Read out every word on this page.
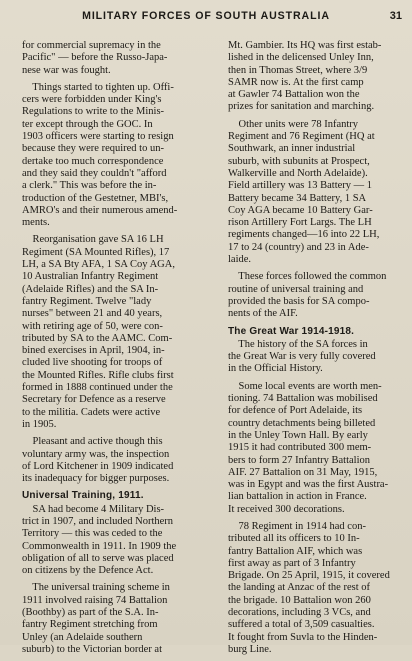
MILITARY FORCES OF SOUTH AUSTRALIA	31
for commercial supremacy in the
Pacific" — before the Russo-Japa-
nese war was fought.
Things started to tighten up. Offi-
cers were forbidden under King's
Regulations to write to the Minis-
ter except through the GOC. In
1903 officers were starting to resign
because they were required to un-
dertake too much correspondence
and they said they couldn't "afford
a clerk." This was before the in-
troduction of the Gestetner, MBI's,
AMRO's and their numerous amend-
ments.
Reorganisation gave SA 16 LH
Regiment (SA Mounted Rifles), 17
LH, a SA Bty AFA, 1 SA Coy AGA,
10 Australian Infantry Regiment
(Adelaide Rifles) and the SA In-
fantry Regiment. Twelve "lady
nurses" between 21 and 40 years,
with retiring age of 50, were con-
tributed by SA to the AAMC. Com-
bined exercises in April, 1904, in-
cluded live shooting for troops of
the Mounted Rifles. Rifle clubs first
formed in 1888 continued under the
Secretary for Defence as a reserve
to the militia. Cadets were active
in 1905.
Pleasant and active though this
voluntary army was, the inspection
of Lord Kitchener in 1909 indicated
its inadequacy for bigger purposes.
Universal Training, 1911.
SA had become 4 Military Dis-
trict in 1907, and included Northern
Territory — this was ceded to the
Commonwealth in 1911. In 1909 the
obligation of all to serve was placed
on citizens by the Defence Act.
The universal training scheme in
1911 involved raising 74 Battalion
(Boothby) as part of the S.A. In-
fantry Regiment stretching from
Unley (an Adelaide southern
suburb) to the Victorian border at
Mt. Gambier. Its HQ was first estab-
lished in the delicensed Unley Inn,
then in Thomas Street, where 3/9
SAMR now is. At the first camp
at Gawler 74 Battalion won the
prizes for sanitation and marching.
Other units were 78 Infantry
Regiment and 76 Regiment (HQ at
Southwark, an inner industrial
suburb, with subunits at Prospect,
Walkerville and North Adelaide).
Field artillery was 13 Battery — 1
Battery became 34 Battery, 1 SA
Coy AGA became 10 Battery Gar-
rison Artillery Fort Largs. The LH
regiments changed—16 into 22 LH,
17 to 24 (country) and 23 in Ade-
laide.
These forces followed the common
routine of universal training and
provided the basis for SA compo-
nents of the AIF.
The Great War 1914-1918.
The history of the SA forces in
the Great War is very fully covered
in the Official History.
Some local events are worth men-
tioning. 74 Battalion was mobilised
for defence of Port Adelaide, its
country detachments being billeted
in the Unley Town Hall. By early
1915 it had contributed 300 mem-
bers to form 27 Infantry Battalion
AIF. 27 Battalion on 31 May, 1915,
was in Egypt and was the first Austra-
lian battalion in action in France.
It received 300 decorations.
78 Regiment in 1914 had con-
tributed all its officers to 10 In-
fantry Battalion AIF, which was
first away as part of 3 Infantry
Brigade. On 25 April, 1915, it covered
the landing at Anzac of the rest of
the brigade. 10 Battalion won 260
decorations, including 3 VCs, and
suffered a total of 3,509 casualties.
It fought from Suvla to the Hinden-
burg Line.
